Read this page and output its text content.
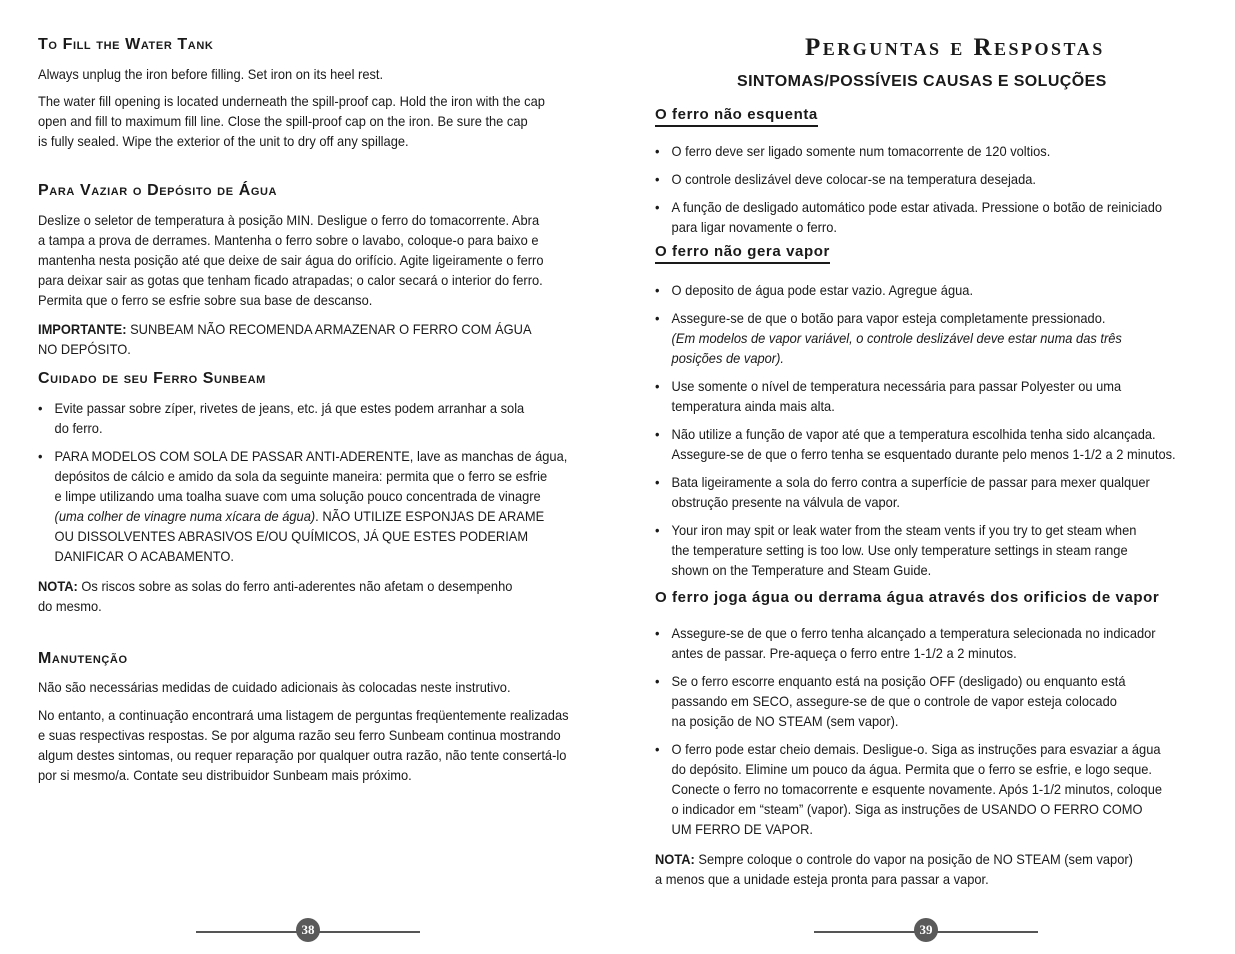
To Fill the Water Tank

Always unplug the iron before filling. Set iron on its heel rest.

The water fill opening is located underneath the spill-proof cap. Hold the iron with the cap
open and fill to maximum fill line. Close the spill-proof cap on the iron. Be sure the cap
is fully sealed. Wipe the exterior of the unit to dry off any spillage.

Para Vaziar o Depósito de Água

Deslize o seletor de temperatura à posição MIN. Desligue o ferro do tomacorrente. Abra
a tampa a prova de derrames. Mantenha o ferro sobre o lavabo, coloque-o para baixo e
mantenha nesta posição até que deixe de sair água do orifício. Agite ligeiramente o ferro
para deixar sair as gotas que tenham ficado atrapadas; o calor secará o interior do ferro.
Permita que o ferro se esfrie sobre sua base de descanso.

IMPORTANTE: SUNBEAM NÃO RECOMENDA ARMAZENAR O FERRO COM ÁGUA
NO DEPÓSITO.

Cuidado de seu Ferro Sunbeam
• Evite passar sobre zíper, rivetes de jeans, etc. já que estes podem arranhar a sola
do ferro.
• PARA MODELOS COM SOLA DE PASSAR ANTI-ADERENTE, lave as manchas de água,
depósitos de cálcio e amido da sola da seguinte maneira: permita que o ferro se esfrie
e limpe utilizando uma toalha suave com uma solução pouco concentrada de vinagre
(uma colher de vinagre numa xícara de água). NÃO UTILIZE ESPONJAS DE ARAME
OU DISSOLVENTES ABRASIVOS E/OU QUÍMICOS, JÁ QUE ESTES PODERIAM
DANIFICAR O ACABAMENTO.

NOTA: Os riscos sobre as solas do ferro anti-aderentes não afetam o desempenho
do mesmo.

Manutenção

Não são necessárias medidas de cuidado adicionais às colocadas neste instrutivo.

No entanto, a continuação encontrará uma listagem de perguntas freqüentemente realizadas
e suas respectivas respostas. Se por alguma razão seu ferro Sunbeam continua mostrando
algum destes sintomas, ou requer reparação por qualquer outra razão, não tente consertá-lo
por si mesmo/a. Contate seu distribuidor Sunbeam mais próximo.

38
Perguntas e Respostas
SINTOMAS/POSSÍVEIS CAUSAS E SOLUÇÕES
O ferro não esquenta
• O ferro deve ser ligado somente num tomacorrente de 120 voltios.
• O controle deslizável deve colocar-se na temperatura desejada.
• A função de desligado automático pode estar ativada. Pressione o botão de reiniciado
para ligar novamente o ferro.
O ferro não gera vapor
• O deposito de água pode estar vazio. Agregue água.
• Assegure-se de que o botão para vapor esteja completamente pressionado.
(Em modelos de vapor variável, o controle deslizável deve estar numa das três
posições de vapor).
• Use somente o nível de temperatura necessária para passar Polyester ou uma
temperatura ainda mais alta.
• Não utilize a função de vapor até que a temperatura escolhida tenha sido alcançada.
Assegure-se de que o ferro tenha se esquentado durante pelo menos 1-1/2 a 2 minutos.
• Bata ligeiramente a sola do ferro contra a superfície de passar para mexer qualquer
obstrução presente na válvula de vapor.
• Your iron may spit or leak water from the steam vents if you try to get steam when
the temperature setting is too low. Use only temperature settings in steam range
shown on the Temperature and Steam Guide.
O ferro joga água ou derrama água através dos orificios de vapor
• Assegure-se de que o ferro tenha alcançado a temperatura selecionada no indicador
antes de passar. Pre-aqueça o ferro entre 1-1/2 a 2 minutos.
• Se o ferro escorre enquanto está na posição OFF (desligado) ou enquanto está
passando em SECO, assegure-se de que o controle de vapor esteja colocado
na posição de NO STEAM (sem vapor).
• O ferro pode estar cheio demais. Desligue-o. Siga as instruções para esvaziar a água
do depósito. Elimine um pouco da água. Permita que o ferro se esfrie, e logo seque.
Conecte o ferro no tomacorrente e esquente novamente. Após 1-1/2 minutos, coloque
o indicador em “steam” (vapor). Siga as instruções de USANDO O FERRO COMO
UM FERRO DE VAPOR.

NOTA: Sempre coloque o controle do vapor na posição de NO STEAM (sem vapor)
a menos que a unidade esteja pronta para passar a vapor.

39
